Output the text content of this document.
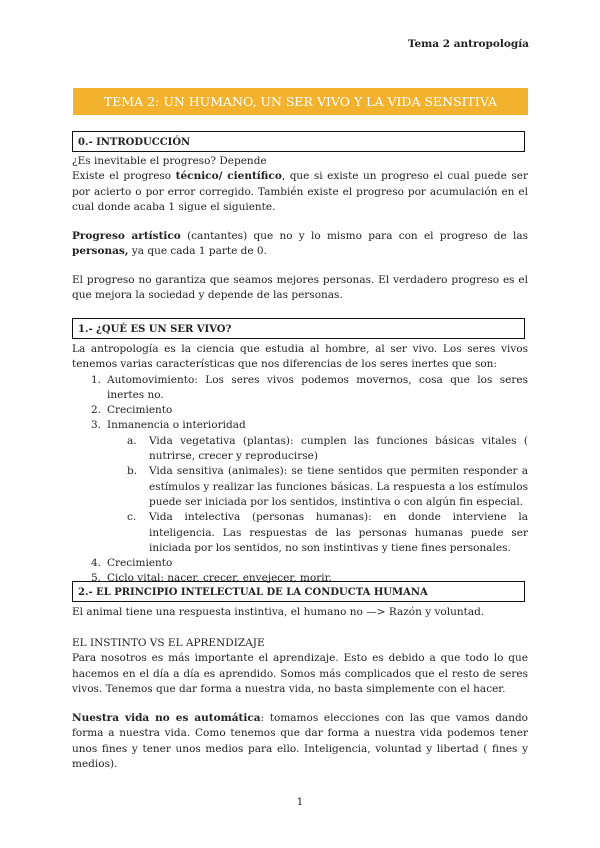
Tema 2 antropología
TEMA 2: UN HUMANO, UN SER VIVO Y LA VIDA SENSITIVA
0.- INTRODUCCIÓN

¿Es inevitable el progreso? Depende

Existe el progreso técnico/ científico, que si existe un progreso el cual puede ser por acierto o por error corregido. También existe el progreso por acumulación en el cual donde acaba 1 sigue el siguiente.

Progreso artístico (cantantes) que no y lo mismo para con el progreso de las personas, ya que cada 1 parte de 0.

El progreso no garantiza que seamos mejores personas. El verdadero progreso es el que mejora la sociedad y depende de las personas.

1.- ¿QUÉ ES UN SER VIVO?

La antropología es la ciencia que estudia al hombre, al ser vivo. Los seres vivos tenemos varias características que nos diferencias de los seres inertes que son:

1. Automovimiento: Los seres vivos podemos movernos, cosa que los seres inertes no.
2. Crecimiento
3. Inmanencia o interioridad
a. Vida vegetativa (plantas): cumplen las funciones básicas vitales ( nutrirse, crecer y reproducirse)
b. Vida sensitiva (animales): se tiene sentidos que permiten responder a estímulos y realizar las funciones básicas. La respuesta a los estímulos puede ser iniciada por los sentidos, instintiva o con algún fin especial.
c. Vida intelectiva (personas humanas): en donde interviene la inteligencia. Las respuestas de las personas humanas puede ser iniciada por los sentidos, no son instintivas y tiene fines personales.
4. Crecimiento
5. Ciclo vital: nacer, crecer, envejecer, morir.
2.- EL PRINCIPIO INTELECTUAL DE LA CONDUCTA HUMANA

El animal tiene una respuesta instintiva, el humano no —> Razón y voluntad.

EL INSTINTO VS EL APRENDIZAJE

Para nosotros es más importante el aprendizaje. Esto es debido a que todo lo que hacemos en el día a día es aprendido. Somos más complicados que el resto de seres vivos. Tenemos que dar forma a nuestra vida, no basta simplemente con el hacer.

Nuestra vida no es automática: tomamos elecciones con las que vamos dando forma a nuestra vida. Como tenemos que dar forma a nuestra vida podemos tener unos fines y tener unos medios para ello. Inteligencia, voluntad y libertad ( fines y medios).

1
